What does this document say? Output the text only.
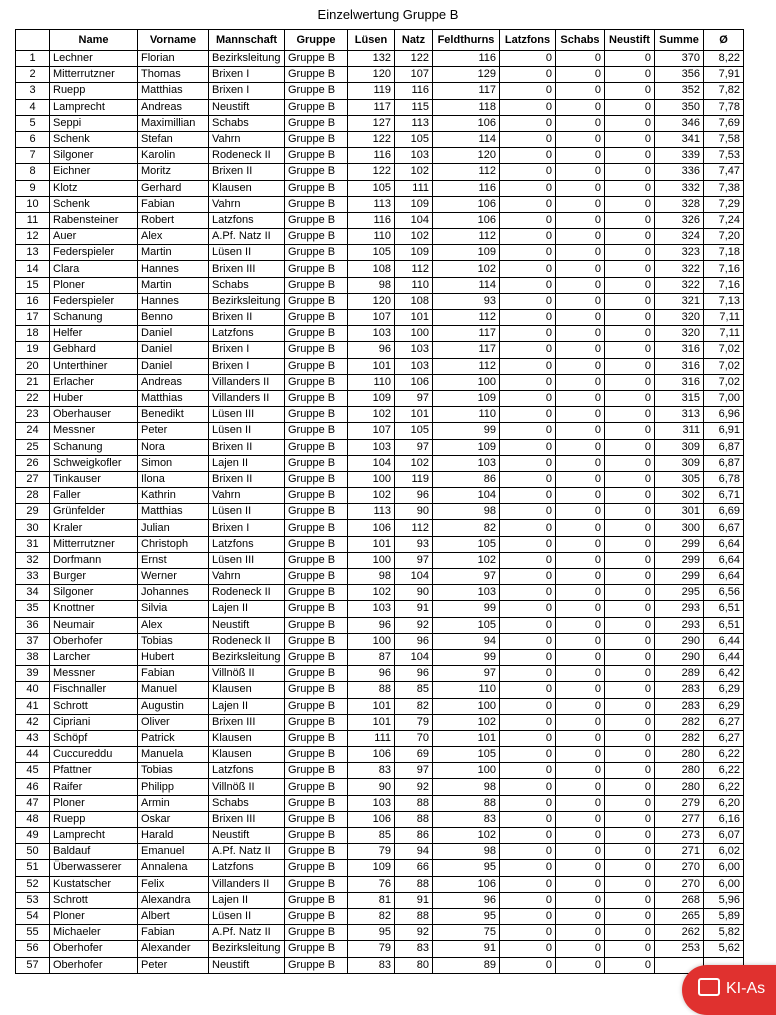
Einzelwertung Gruppe B
	Name	Vorname	Mannschaft	Gruppe	Lüsen	Natz	Feldthurns	Latzfons	Schabs	Neustift	Summe	Ø
1	Lechner	Florian	Bezirksleitung	Gruppe B	132	122	116	0	0	0	370	8,22
2	Mitterrutzner	Thomas	Brixen I	Gruppe B	120	107	129	0	0	0	356	7,91
3	Ruepp	Matthias	Brixen I	Gruppe B	119	116	117	0	0	0	352	7,82
4	Lamprecht	Andreas	Neustift	Gruppe B	117	115	118	0	0	0	350	7,78
5	Seppi	Maximillian	Schabs	Gruppe B	127	113	106	0	0	0	346	7,69
6	Schenk	Stefan	Vahrn	Gruppe B	122	105	114	0	0	0	341	7,58
7	Silgoner	Karolin	Rodeneck II	Gruppe B	116	103	120	0	0	0	339	7,53
8	Eichner	Moritz	Brixen II	Gruppe B	122	102	112	0	0	0	336	7,47
9	Klotz	Gerhard	Klausen	Gruppe B	105	111	116	0	0	0	332	7,38
10	Schenk	Fabian	Vahrn	Gruppe B	113	109	106	0	0	0	328	7,29
11	Rabensteiner	Robert	Latzfons	Gruppe B	116	104	106	0	0	0	326	7,24
12	Auer	Alex	A.Pf. Natz II	Gruppe B	110	102	112	0	0	0	324	7,20
13	Federspieler	Martin	Lüsen II	Gruppe B	105	109	109	0	0	0	323	7,18
14	Clara	Hannes	Brixen III	Gruppe B	108	112	102	0	0	0	322	7,16
15	Ploner	Martin	Schabs	Gruppe B	98	110	114	0	0	0	322	7,16
16	Federspieler	Hannes	Bezirksleitung	Gruppe B	120	108	93	0	0	0	321	7,13
17	Schanung	Benno	Brixen II	Gruppe B	107	101	112	0	0	0	320	7,11
18	Helfer	Daniel	Latzfons	Gruppe B	103	100	117	0	0	0	320	7,11
19	Gebhard	Daniel	Brixen I	Gruppe B	96	103	117	0	0	0	316	7,02
20	Unterthiner	Daniel	Brixen I	Gruppe B	101	103	112	0	0	0	316	7,02
21	Erlacher	Andreas	Villanders II	Gruppe B	110	106	100	0	0	0	316	7,02
22	Huber	Matthias	Villanders II	Gruppe B	109	97	109	0	0	0	315	7,00
23	Oberhauser	Benedikt	Lüsen III	Gruppe B	102	101	110	0	0	0	313	6,96
24	Messner	Peter	Lüsen II	Gruppe B	107	105	99	0	0	0	311	6,91
25	Schanung	Nora	Brixen II	Gruppe B	103	97	109	0	0	0	309	6,87
26	Schweigkofler	Simon	Lajen II	Gruppe B	104	102	103	0	0	0	309	6,87
27	Tinkauser	Ilona	Brixen II	Gruppe B	100	119	86	0	0	0	305	6,78
28	Faller	Kathrin	Vahrn	Gruppe B	102	96	104	0	0	0	302	6,71
29	Grünfelder	Matthias	Lüsen II	Gruppe B	113	90	98	0	0	0	301	6,69
30	Kraler	Julian	Brixen I	Gruppe B	106	112	82	0	0	0	300	6,67
31	Mitterrutzner	Christoph	Latzfons	Gruppe B	101	93	105	0	0	0	299	6,64
32	Dorfmann	Ernst	Lüsen III	Gruppe B	100	97	102	0	0	0	299	6,64
33	Burger	Werner	Vahrn	Gruppe B	98	104	97	0	0	0	299	6,64
34	Silgoner	Johannes	Rodeneck II	Gruppe B	102	90	103	0	0	0	295	6,56
35	Knottner	Silvia	Lajen II	Gruppe B	103	91	99	0	0	0	293	6,51
36	Neumair	Alex	Neustift	Gruppe B	96	92	105	0	0	0	293	6,51
37	Oberhofer	Tobias	Rodeneck II	Gruppe B	100	96	94	0	0	0	290	6,44
38	Larcher	Hubert	Bezirksleitung	Gruppe B	87	104	99	0	0	0	290	6,44
39	Messner	Fabian	Villnöß II	Gruppe B	96	96	97	0	0	0	289	6,42
40	Fischnaller	Manuel	Klausen	Gruppe B	88	85	110	0	0	0	283	6,29
41	Schrott	Augustin	Lajen II	Gruppe B	101	82	100	0	0	0	283	6,29
42	Cipriani	Oliver	Brixen III	Gruppe B	101	79	102	0	0	0	282	6,27
43	Schöpf	Patrick	Klausen	Gruppe B	111	70	101	0	0	0	282	6,27
44	Cuccureddu	Manuela	Klausen	Gruppe B	106	69	105	0	0	0	280	6,22
45	Pfattner	Tobias	Latzfons	Gruppe B	83	97	100	0	0	0	280	6,22
46	Raifer	Philipp	Villnöß II	Gruppe B	90	92	98	0	0	0	280	6,22
47	Ploner	Armin	Schabs	Gruppe B	103	88	88	0	0	0	279	6,20
48	Ruepp	Oskar	Brixen III	Gruppe B	106	88	83	0	0	0	277	6,16
49	Lamprecht	Harald	Neustift	Gruppe B	85	86	102	0	0	0	273	6,07
50	Baldauf	Emanuel	A.Pf. Natz II	Gruppe B	79	94	98	0	0	0	271	6,02
51	Überwasserer	Annalena	Latzfons	Gruppe B	109	66	95	0	0	0	270	6,00
52	Kustatscher	Felix	Villanders II	Gruppe B	76	88	106	0	0	0	270	6,00
53	Schrott	Alexandra	Lajen II	Gruppe B	81	91	96	0	0	0	268	5,96
54	Ploner	Albert	Lüsen II	Gruppe B	82	88	95	0	0	0	265	5,89
55	Michaeler	Fabian	A.Pf. Natz II	Gruppe B	95	92	75	0	0	0	262	5,82
56	Oberhofer	Alexander	Bezirksleitung	Gruppe B	79	83	91	0	0	0	253	5,62
57	Oberhofer	Peter	Neustift	Gruppe B	83	80	89	0	0	0		
KI-As
